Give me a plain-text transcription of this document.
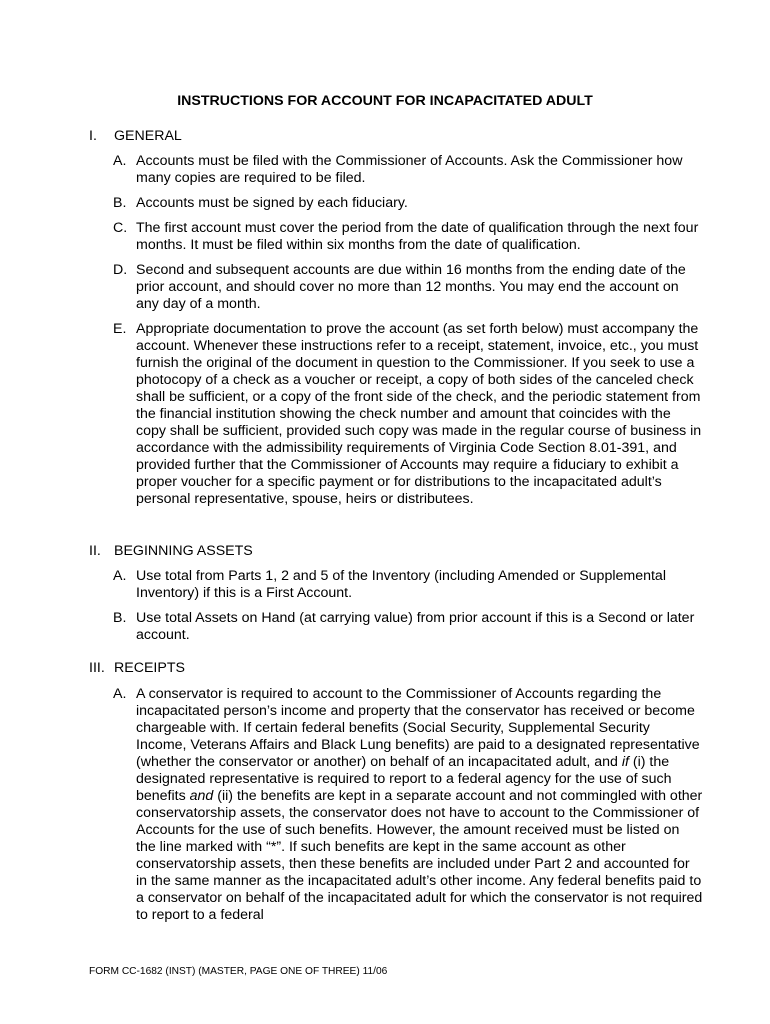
INSTRUCTIONS FOR ACCOUNT FOR INCAPACITATED ADULT
I. GENERAL
A. Accounts must be filed with the Commissioner of Accounts. Ask the Commissioner how many copies are required to be filed.
B. Accounts must be signed by each fiduciary.
C. The first account must cover the period from the date of qualification through the next four months. It must be filed within six months from the date of qualification.
D. Second and subsequent accounts are due within 16 months from the ending date of the prior account, and should cover no more than 12 months. You may end the account on any day of a month.
E. Appropriate documentation to prove the account (as set forth below) must accompany the account. Whenever these instructions refer to a receipt, statement, invoice, etc., you must furnish the original of the document in question to the Commissioner. If you seek to use a photocopy of a check as a voucher or receipt, a copy of both sides of the canceled check shall be sufficient, or a copy of the front side of the check, and the periodic statement from the financial institution showing the check number and amount that coincides with the copy shall be sufficient, provided such copy was made in the regular course of business in accordance with the admissibility requirements of Virginia Code Section 8.01-391, and provided further that the Commissioner of Accounts may require a fiduciary to exhibit a proper voucher for a specific payment or for distributions to the incapacitated adult’s personal representative, spouse, heirs or distributees.
II. BEGINNING ASSETS
A. Use total from Parts 1, 2 and 5 of the Inventory (including Amended or Supplemental Inventory) if this is a First Account.
B. Use total Assets on Hand (at carrying value) from prior account if this is a Second or later account.
III. RECEIPTS
A. A conservator is required to account to the Commissioner of Accounts regarding the incapacitated person’s income and property that the conservator has received or become chargeable with. If certain federal benefits (Social Security, Supplemental Security Income, Veterans Affairs and Black Lung benefits) are paid to a designated representative (whether the conservator or another) on behalf of an incapacitated adult, and if (i) the designated representative is required to report to a federal agency for the use of such benefits and (ii) the benefits are kept in a separate account and not commingled with other conservatorship assets, the conservator does not have to account to the Commissioner of Accounts for the use of such benefits. However, the amount received must be listed on the line marked with “*”. If such benefits are kept in the same account as other conservatorship assets, then these benefits are included under Part 2 and accounted for in the same manner as the incapacitated adult’s other income. Any federal benefits paid to a conservator on behalf of the incapacitated adult for which the conservator is not required to report to a federal
FORM CC-1682 (INST) (MASTER, PAGE ONE OF THREE) 11/06
